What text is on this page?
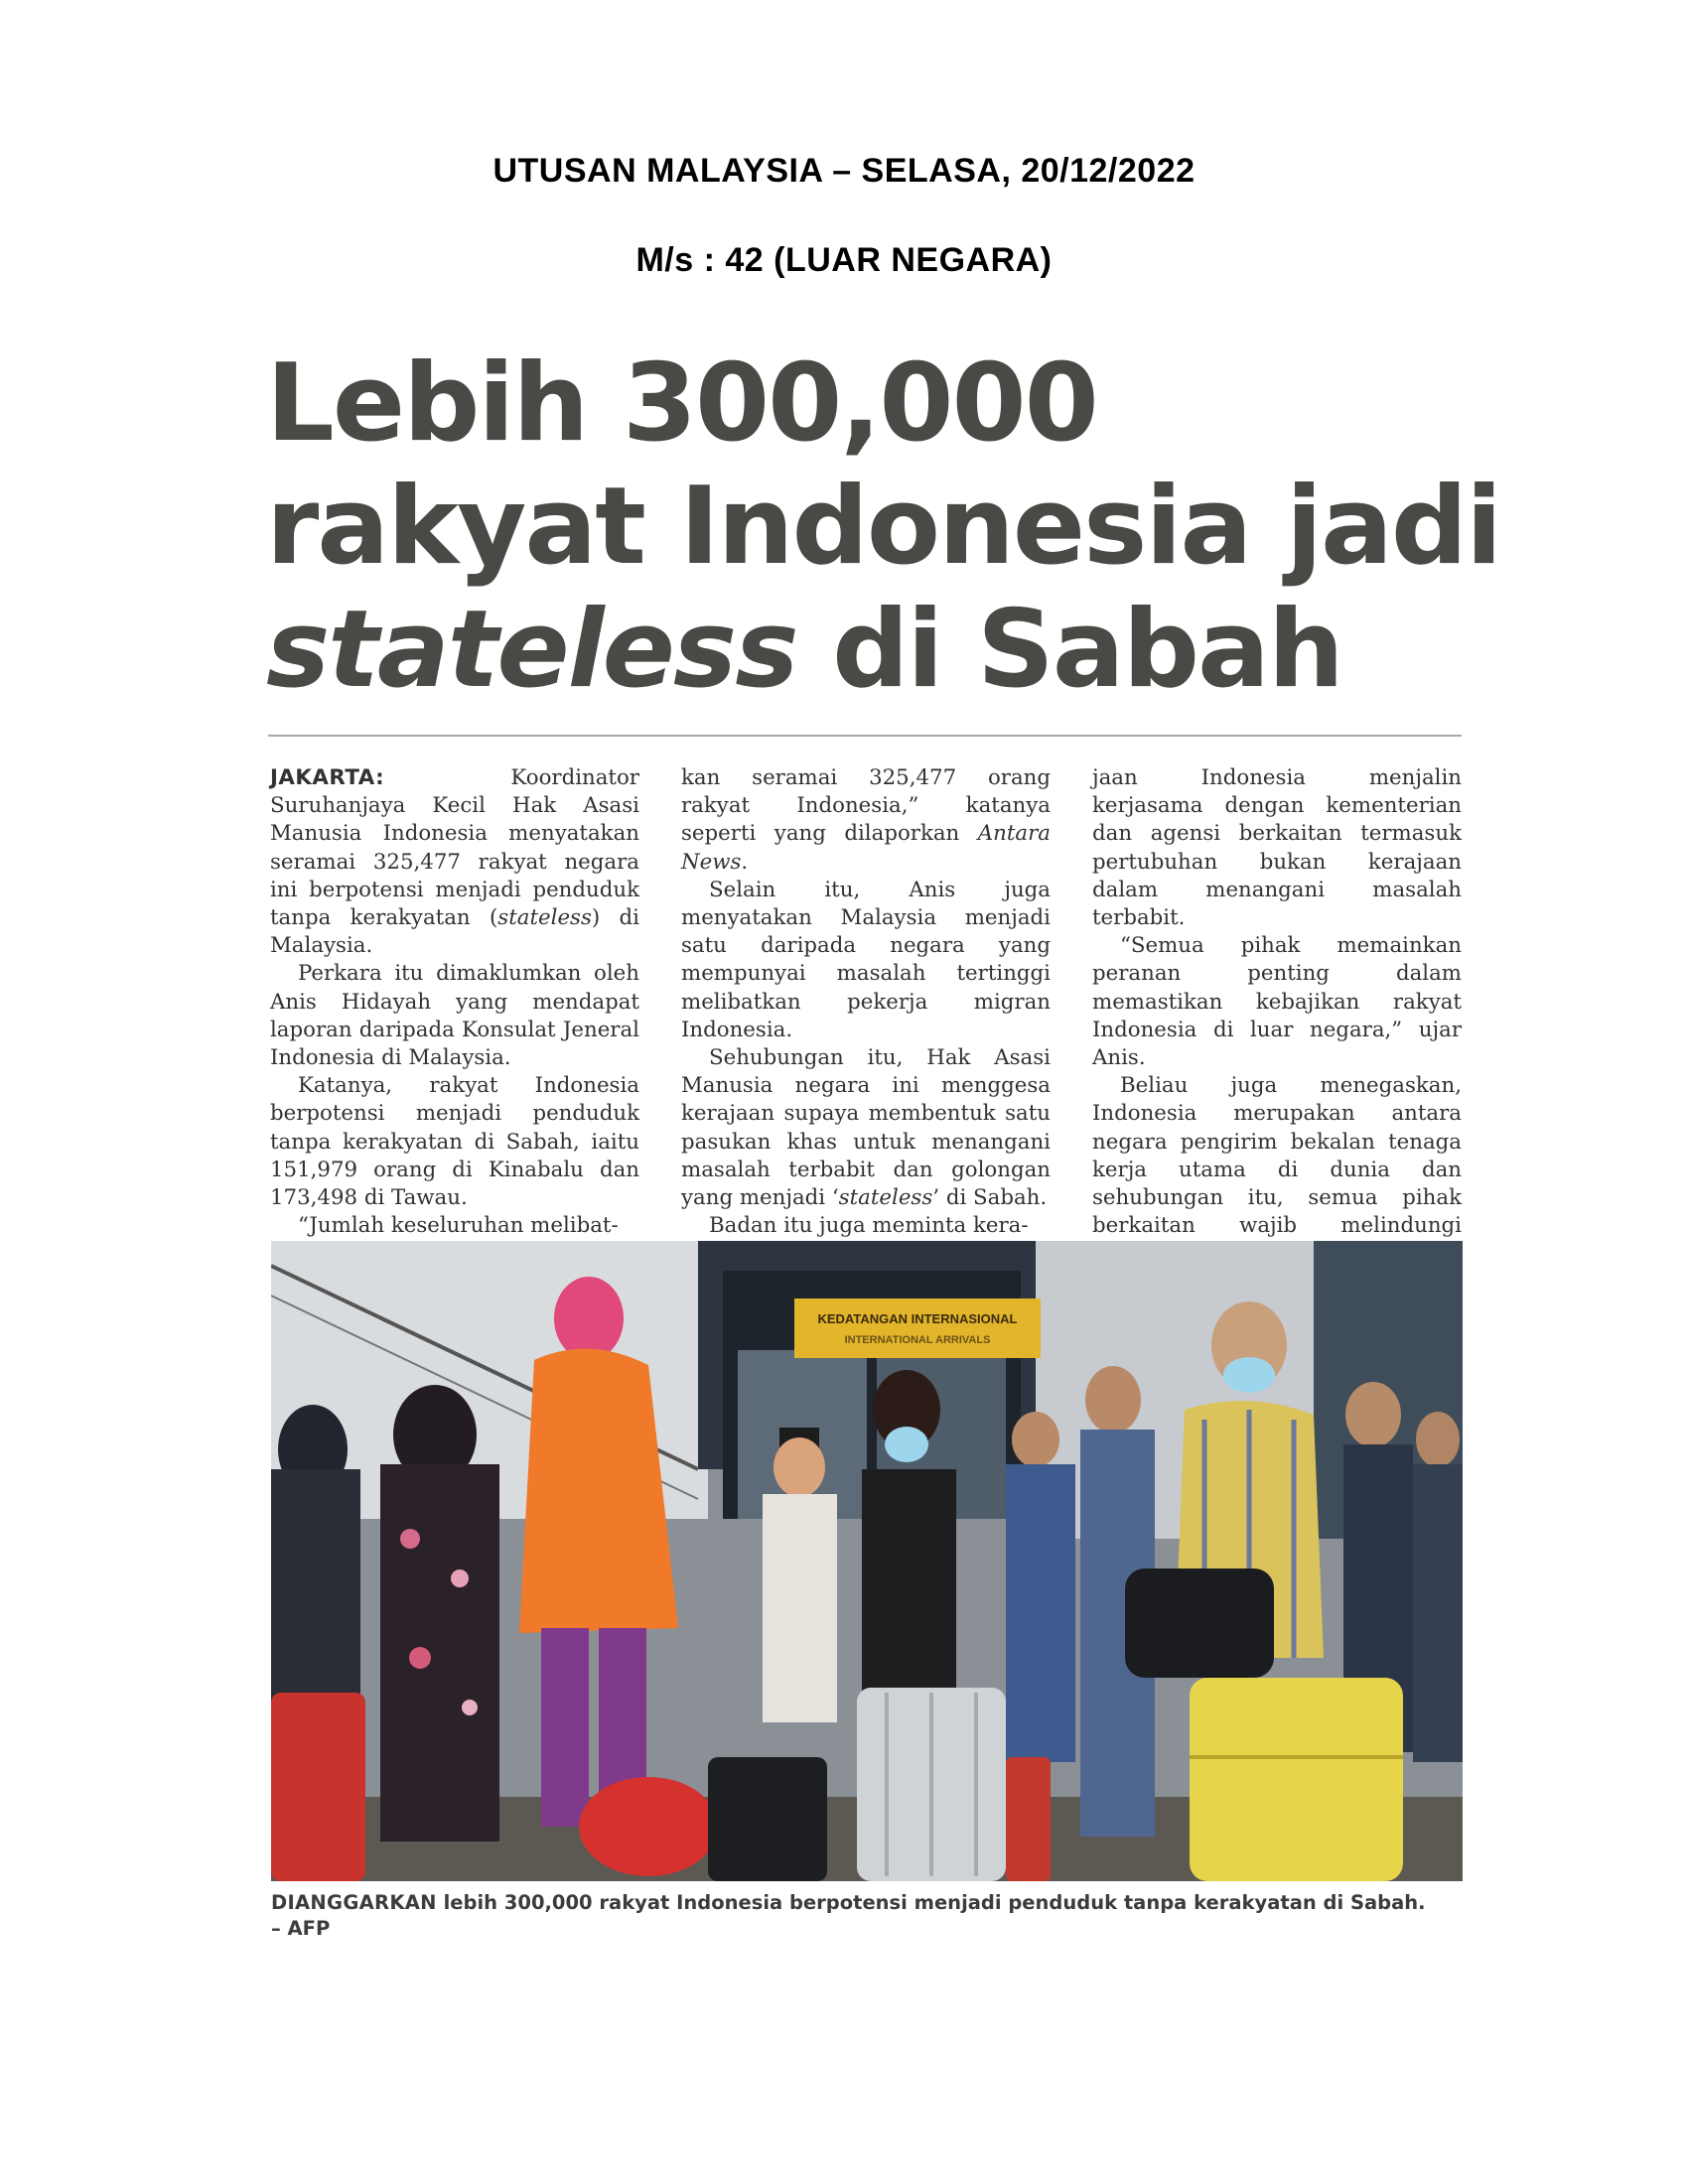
UTUSAN MALAYSIA – SELASA, 20/12/2022
M/s : 42 (LUAR NEGARA)
Lebih 300,000
rakyat Indonesia jadi
stateless di Sabah

JAKARTA: Koordinator Suruhanjaya Kecil Hak Asasi Manusia Indonesia menyatakan seramai 325,477 rakyat negara ini berpotensi menjadi penduduk tanpa kerakyatan (stateless) di Malaysia.

Perkara itu dimaklumkan oleh Anis Hidayah yang mendapat laporan daripada Konsulat Jeneral Indonesia di Malaysia.

Katanya, rakyat Indonesia berpotensi menjadi penduduk tanpa kerakyatan di Sabah, iaitu 151,979 orang di Kinabalu dan 173,498 di Tawau.

“Jumlah keseluruhan melibat-

kan seramai 325,477 orang rakyat Indonesia,” katanya seperti yang dilaporkan Antara News.

Selain itu, Anis juga menyatakan Malaysia menjadi satu daripada negara yang mempunyai masalah tertinggi melibatkan pekerja migran Indonesia.

Sehubungan itu, Hak Asasi Manusia negara ini menggesa kerajaan supaya membentuk satu pasukan khas untuk menangani masalah terbabit dan golongan yang menjadi ‘stateless’ di Sabah.

Badan itu juga meminta kera-

jaan Indonesia menjalin kerjasama dengan kementerian dan agensi berkaitan termasuk pertubuhan bukan kerajaan dalam menangani masalah terbabit.

“Semua pihak memainkan peranan penting dalam memastikan kebajikan rakyat Indonesia di luar negara,” ujar Anis.

Beliau juga menegaskan, Indonesia merupakan antara negara pengirim bekalan tenaga kerja utama di dunia dan sehubungan itu, semua pihak berkaitan wajib melindungi

KEDATANGAN INTERNASIONAL
INTERNATIONAL ARRIVALS
DIANGGARKAN lebih 300,000 rakyat Indonesia berpotensi menjadi penduduk tanpa kerakyatan di Sabah.
– AFP
